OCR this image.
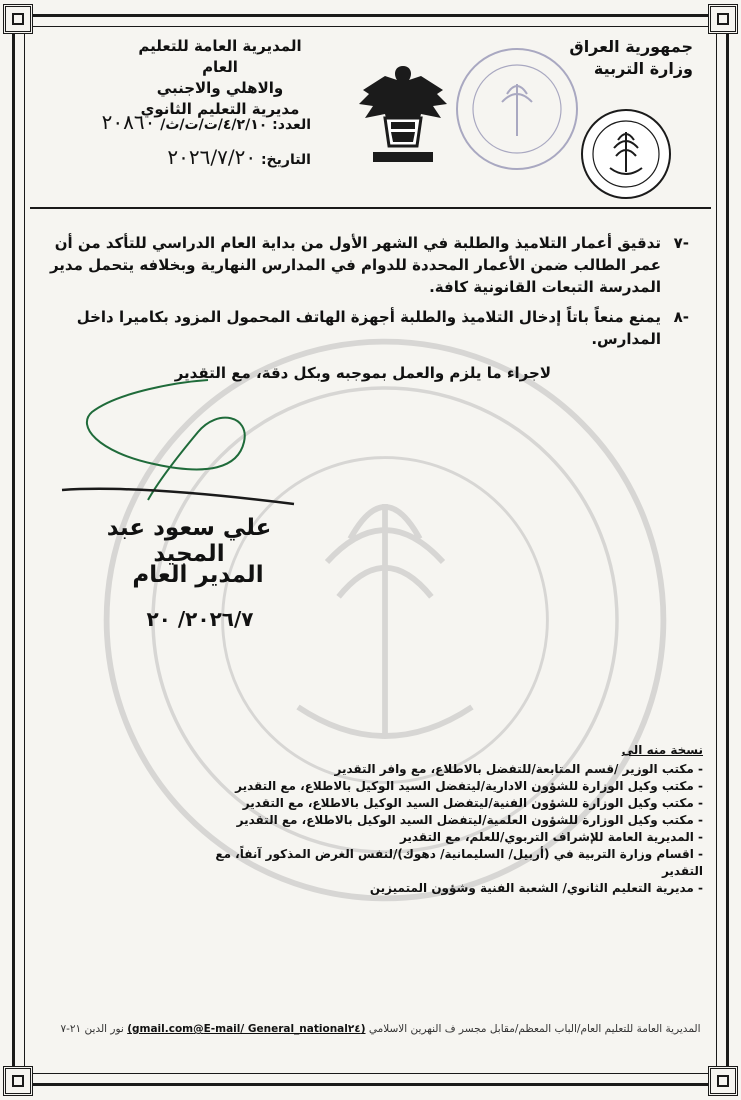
جمهورية العراق
وزارة التربية
المديرية العامة للتعليم العام
والاهلي والاجنبي
مديرية التعليم الثانوي
العدد: ٤/٢/١٠/ت/ت/ث/ ٢٠٨٦٠
التاريخ: ٢٠٢٦/٧/٢٠
-٧
تدقيق أعمار التلاميذ والطلبة في الشهر الأول من بداية العام الدراسي للتأكد من أن عمر الطالب ضمن الأعمار المحددة للدوام في المدارس النهارية وبخلافه يتحمل مدير المدرسة التبعات القانونية كافة.
-٨
يمنع منعاً باتاً إدخال التلاميذ والطلبة أجهزة الهاتف المحمول المزود بكاميرا داخل المدارس.
لاجراء ما يلزم والعمل بموجبه وبكل دقة، مع التقدير
علي سعود عبد المجيد
المدير العام
٢٠٢٦/٧/ ٢٠
نسخة منه الى
- مكتب الوزير /قسم المتابعة/للتفضل بالاطلاع، مع وافر التقدير
- مكتب وكيل الوزارة للشؤون الادارية/ليتفضل السيد الوكيل بالاطلاع، مع التقدير
- مكتب وكيل الوزارة للشؤون الفنية/ليتفضل السيد الوكيل بالاطلاع، مع التقدير
- مكتب وكيل الوزارة للشؤون العلمية/ليتفضل السيد الوكيل بالاطلاع، مع التقدير
- المديرية العامة للإشراف التربوي/للعلم، مع التقدير
- اقسام وزارة التربية في (أربيل/ السليمانية/ دهوك)/لنفس الغرض المذكور آنفاً، مع التقدير
- مديرية التعليم الثانوي/ الشعبة الفنية وشؤون المتميزين
المديرية العامة للتعليم العام/الباب المعظم/مقابل مجسر ف النهرين الاسلامي (E-mail/ General_national٢٤@gmail.com) نور الدين ٢١-٧
